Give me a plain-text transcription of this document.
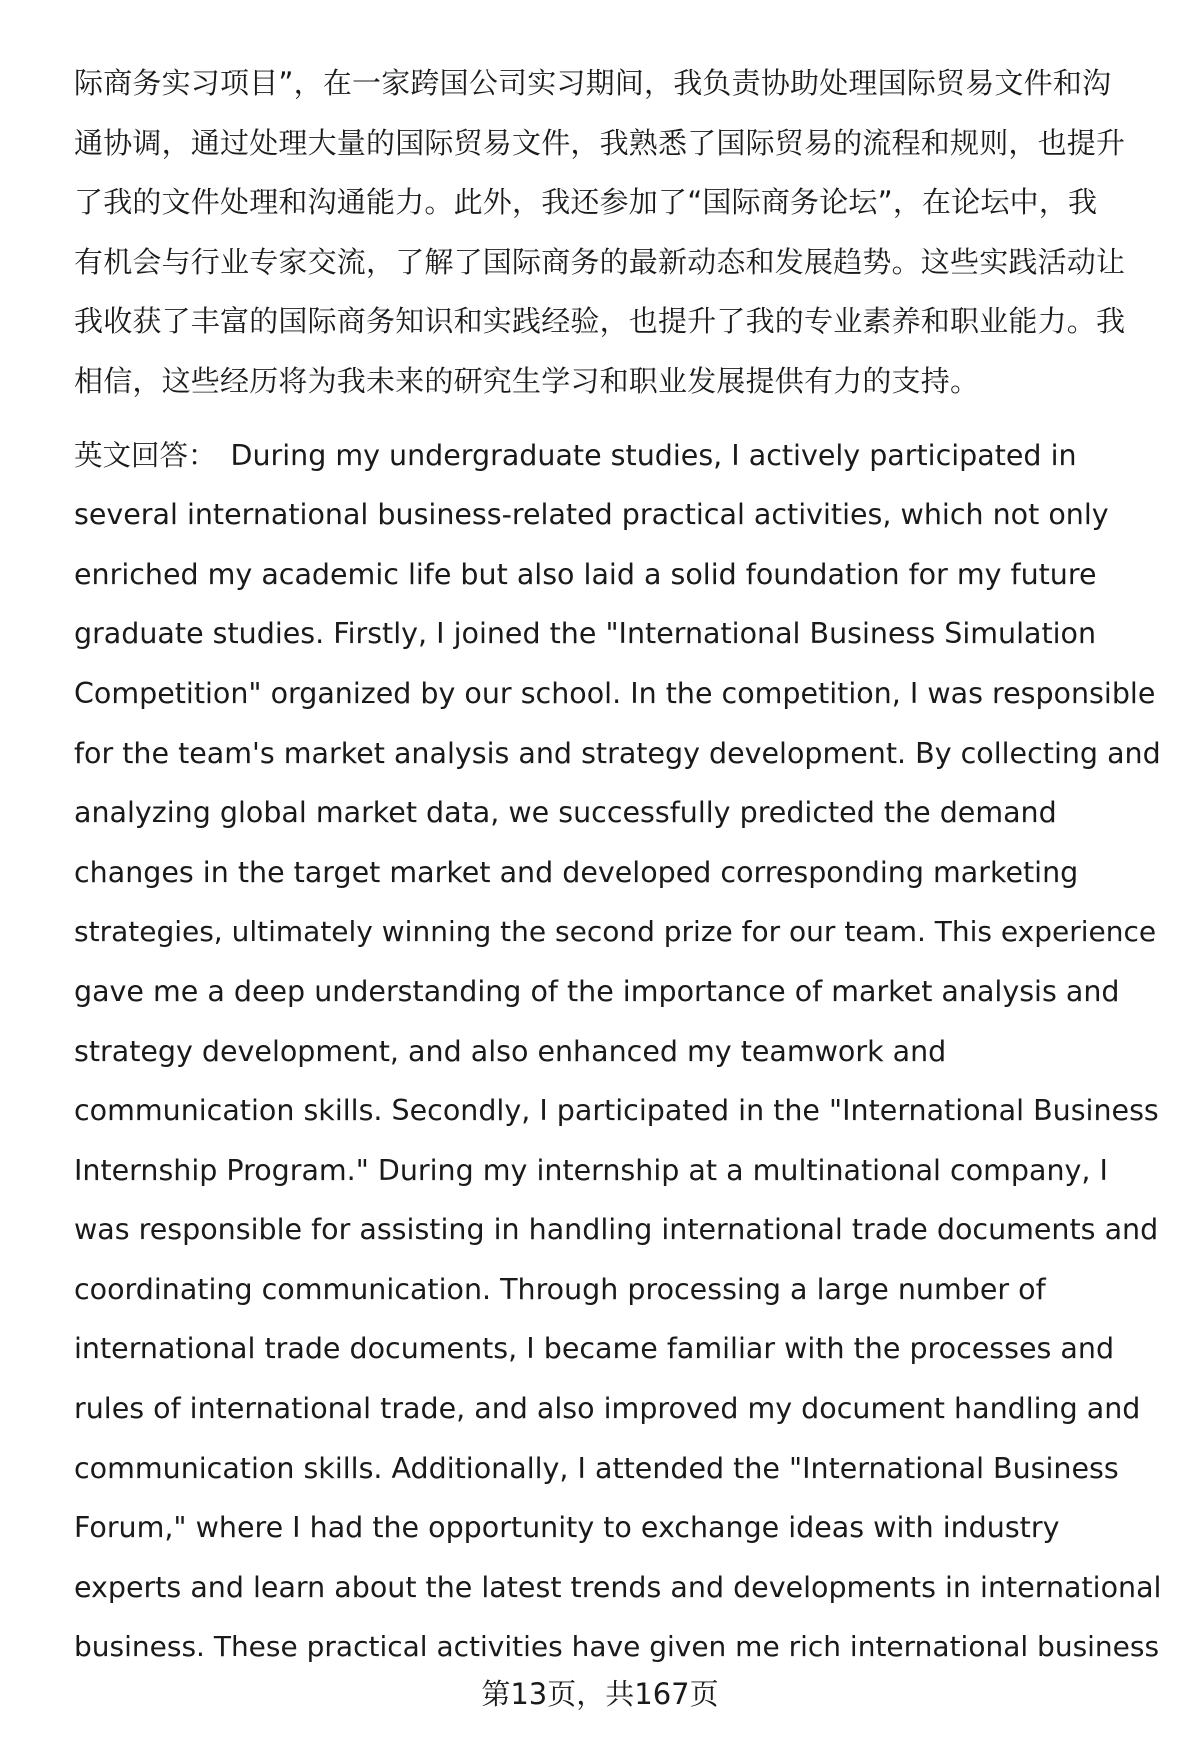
际商务实习项目”，在一家跨国公司实习期间，我负责协助处理国际贸易文件和沟
通协调，通过处理大量的国际贸易文件，我熟悉了国际贸易的流程和规则，也提升
了我的文件处理和沟通能力。此外，我还参加了“国际商务论坛”，在论坛中，我
有机会与行业专家交流，了解了国际商务的最新动态和发展趋势。这些实践活动让
我收获了丰富的国际商务知识和实践经验，也提升了我的专业素养和职业能力。我
相信，这些经历将为我未来的研究生学习和职业发展提供有力的支持。
英文回答： During my undergraduate studies, I actively participated in
several international business-related practical activities, which not only
enriched my academic life but also laid a solid foundation for my future
graduate studies. Firstly, I joined the "International Business Simulation
Competition" organized by our school. In the competition, I was responsible
for the team's market analysis and strategy development. By collecting and
analyzing global market data, we successfully predicted the demand
changes in the target market and developed corresponding marketing
strategies, ultimately winning the second prize for our team. This experience
gave me a deep understanding of the importance of market analysis and
strategy development, and also enhanced my teamwork and
communication skills. Secondly, I participated in the "International Business
Internship Program." During my internship at a multinational company, I
was responsible for assisting in handling international trade documents and
coordinating communication. Through processing a large number of
international trade documents, I became familiar with the processes and
rules of international trade, and also improved my document handling and
communication skills. Additionally, I attended the "International Business
Forum," where I had the opportunity to exchange ideas with industry
experts and learn about the latest trends and developments in international
business. These practical activities have given me rich international business
第13页，共167页
